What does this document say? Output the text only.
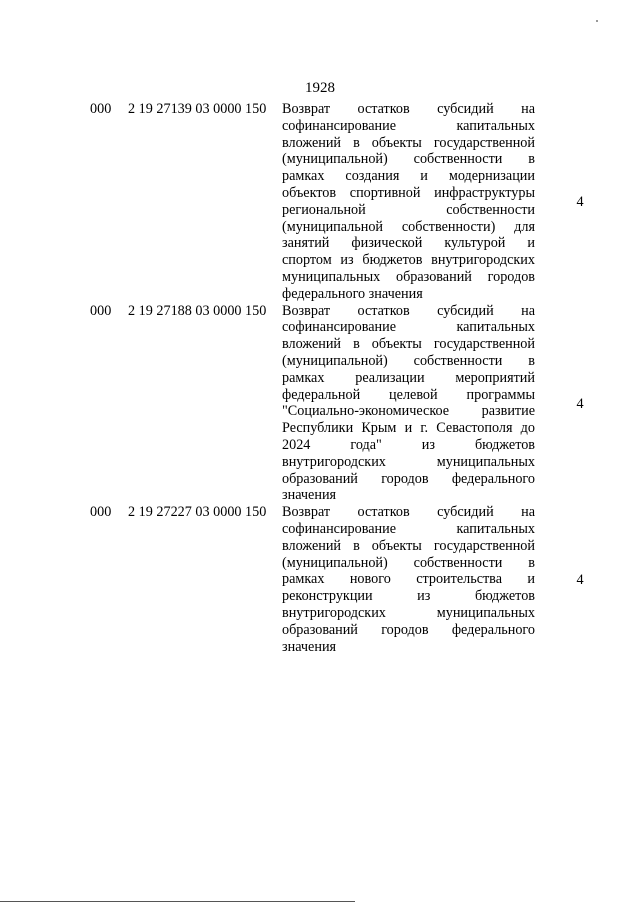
1928
000	2 19 27139 03 0000 150	Возврат остатков субсидий на
софинансирование капитальных
вложений в объекты государственной
(муниципальной) собственности в
рамках создания и модернизации
объектов спортивной инфраструктуры
региональной собственности
(муниципальной собственности) для
занятий физической культурой и
спортом из бюджетов внутригородских
муниципальных образований городов
федерального значения
4
000	2 19 27188 03 0000 150	Возврат остатков субсидий на
софинансирование капитальных
вложений в объекты государственной
(муниципальной) собственности в
рамках реализации мероприятий
федеральной целевой программы
"Социально-экономическое развитие
Республики Крым и г. Севастополя до
2024 года" из бюджетов
внутригородских муниципальных
образований городов федерального
значения
4
000	2 19 27227 03 0000 150	Возврат остатков субсидий на
софинансирование капитальных
вложений в объекты государственной
(муниципальной) собственности в
рамках нового строительства и
реконструкции из бюджетов
внутригородских муниципальных
образований городов федерального
значения
4
